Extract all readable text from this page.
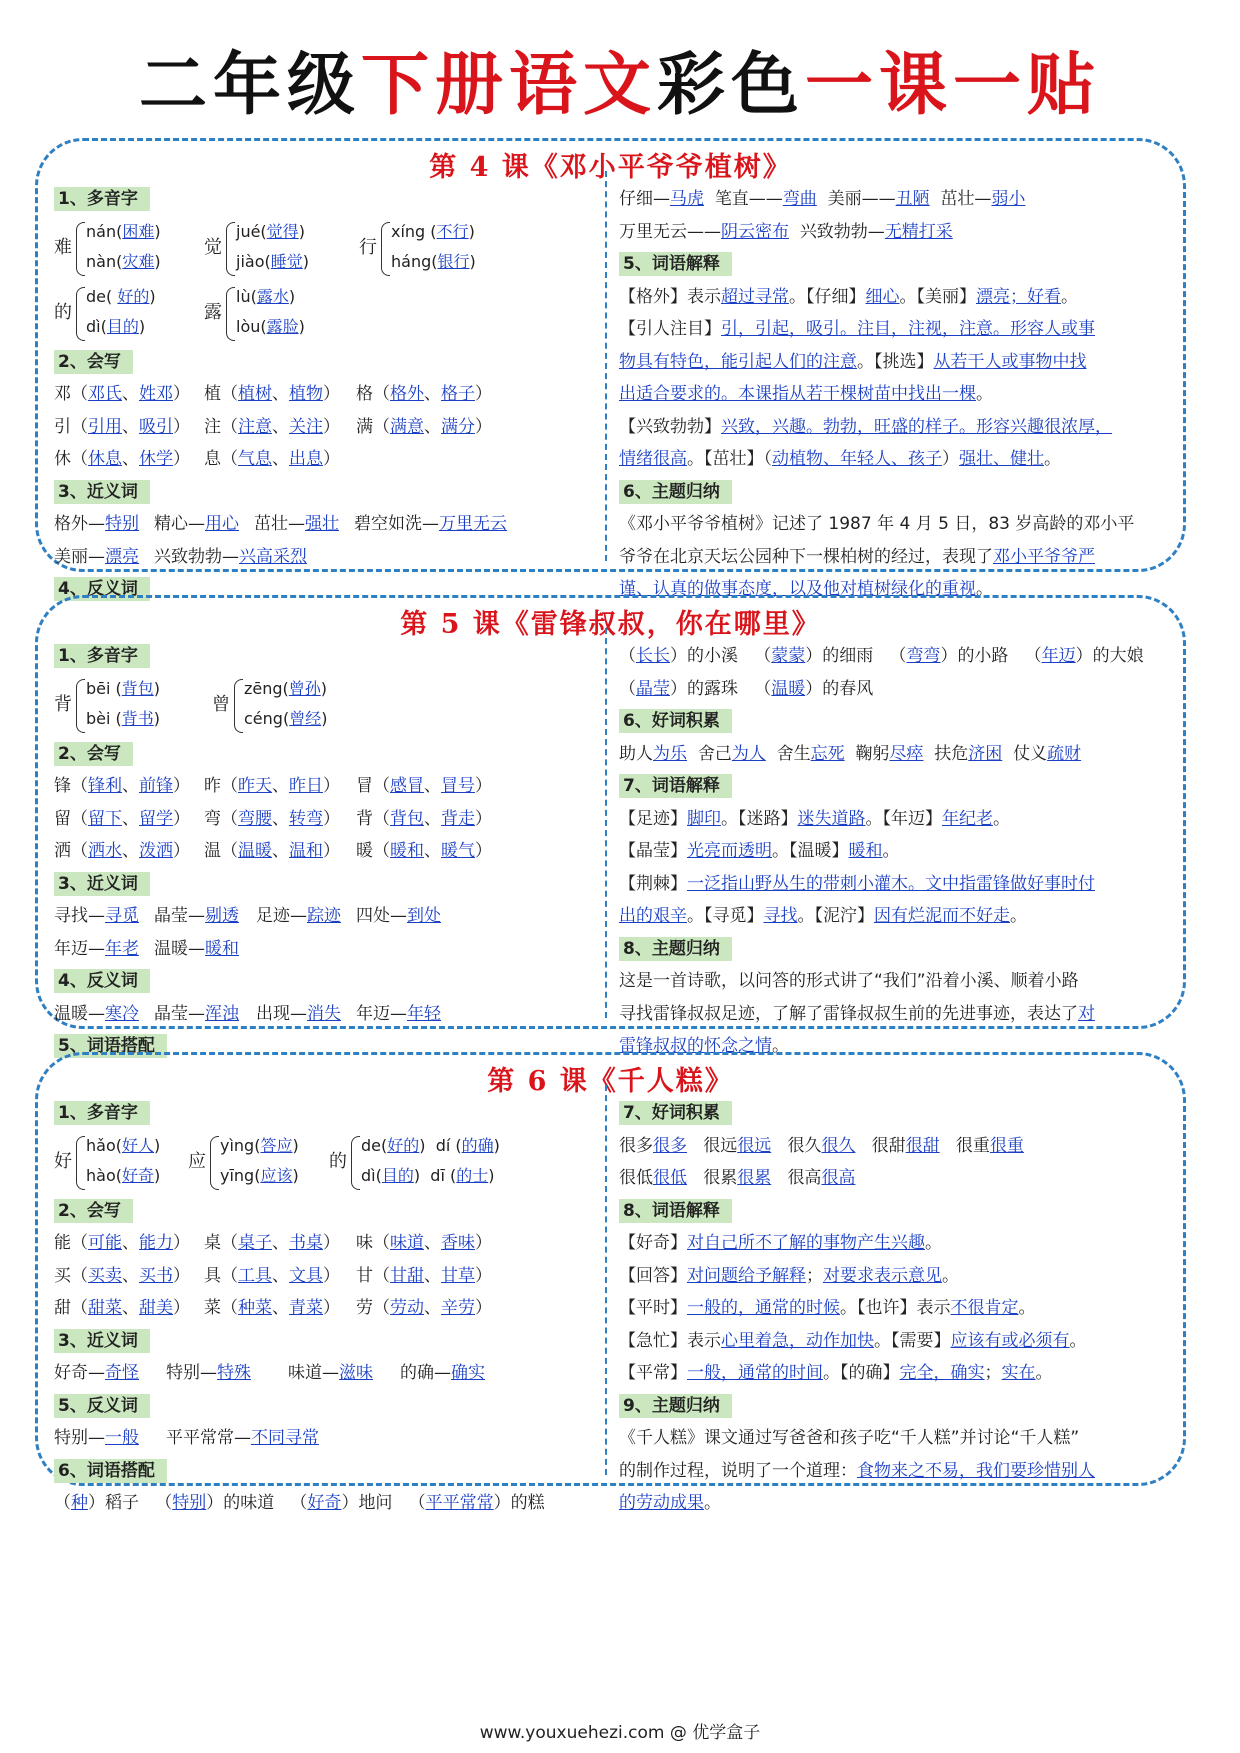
二年级下册语文彩色一课一贴
第 4 课《邓小平爷爷植树》
1、多音字
难
nán(困难)
nàn(灾难)
觉
jué(觉得)
jiào(睡觉)
行
xíng (不行)
háng(银行)
的
de( 好的)
dì(目的)
露
lù(露水)
lòu(露脸)
2、会写
邓（邓氏、姓邓） 植（植树、植物） 格（格外、格子）
引（引用、吸引） 注（注意、关注） 满（满意、满分）
休（休息、休学） 息（气息、出息）
3、近义词
格外—特别 精心—用心 茁壮—强壮 碧空如洗—万里无云
美丽—漂亮 兴致勃勃—兴高采烈
4、反义词
仔细—马虎 笔直——弯曲 美丽——丑陋 茁壮—弱小
万里无云——阴云密布 兴致勃勃—无精打采
5、词语解释
【格外】表示超过寻常。【仔细】细心。【美丽】漂亮；好看。
【引人注目】引，引起，吸引。注目，注视，注意。形容人或事
物具有特色，能引起人们的注意。【挑选】从若干人或事物中找
出适合要求的。本课指从若干棵树苗中找出一棵。
【兴致勃勃】兴致，兴趣。勃勃，旺盛的样子。形容兴趣很浓厚，
情绪很高。【茁壮】（动植物、年轻人、孩子）强壮、健壮。
6、主题归纳
《邓小平爷爷植树》记述了 1987 年 4 月 5 日，83 岁高龄的邓小平
爷爷在北京天坛公园种下一棵柏树的经过，表现了邓小平爷爷严
谨、认真的做事态度，以及他对植树绿化的重视。
第 5 课《雷锋叔叔，你在哪里》
1、多音字
背
bēi (背包)
bèi (背书)
曾
zēng(曾孙)
céng(曾经)
2、会写
锋（锋利、前锋） 昨（昨天、昨日） 冒（感冒、冒号）
留（留下、留学） 弯（弯腰、转弯） 背（背包、背走）
洒（洒水、泼洒） 温（温暖、温和） 暖（暖和、暖气）
3、近义词
寻找—寻觅 晶莹—剔透 足迹—踪迹 四处—到处
年迈—年老 温暖—暖和
4、反义词
温暖—寒冷 晶莹—浑浊 出现—消失 年迈—年轻
5、词语搭配
（长长）的小溪   （蒙蒙）的细雨   （弯弯）的小路   （年迈）的大娘
（晶莹）的露珠   （温暖）的春风
6、好词积累
助人为乐 舍己为人 舍生忘死 鞠躬尽瘁 扶危济困 仗义疏财
7、词语解释
【足迹】脚印。【迷路】迷失道路。【年迈】年纪老。
【晶莹】光亮而透明。【温暖】暖和。
【荆棘】一泛指山野丛生的带刺小灌木。文中指雷锋做好事时付
出的艰辛。【寻觅】寻找。【泥泞】因有烂泥而不好走。
8、主题归纳
这是一首诗歌，以问答的形式讲了“我们”沿着小溪、顺着小路
寻找雷锋叔叔足迹，了解了雷锋叔叔生前的先进事迹，表达了对
雷锋叔叔的怀念之情。
第 6 课《千人糕》
1、多音字
好
hǎo(好人)
hào(好奇)
应
yìng(答应)
yīng(应该)
的
de(好的)  dí (的确)
dì(目的)  dī (的士)
2、会写
能（可能、能力） 桌（桌子、书桌） 味（味道、香味）
买（买卖、买书） 具（工具、文具） 甘（甘甜、甘草）
甜（甜菜、甜美） 菜（种菜、青菜） 劳（劳动、辛劳）
3、近义词
好奇—奇怪 特别—特殊 味道—滋味 的确—确实
5、反义词
特别—一般 平平常常—不同寻常
6、词语搭配
（种）稻子   （特别）的味道   （好奇）地问   （平平常常）的糕
7、好词积累
很多很多 很远很远 很久很久 很甜很甜 很重很重
很低很低 很累很累 很高很高
8、词语解释
【好奇】对自己所不了解的事物产生兴趣。
【回答】对问题给予解释；对要求表示意见。
【平时】一般的，通常的时候。【也许】表示不很肯定。
【急忙】表示心里着急，动作加快。【需要】应该有或必须有。
【平常】一般，通常的时间。【的确】完全，确实；实在。
9、主题归纳
《千人糕》课文通过写爸爸和孩子吃“千人糕”并讨论“千人糕”
的制作过程，说明了一个道理：食物来之不易，我们要珍惜别人
的劳动成果。
www.youxuehezi.com @ 优学盒子
